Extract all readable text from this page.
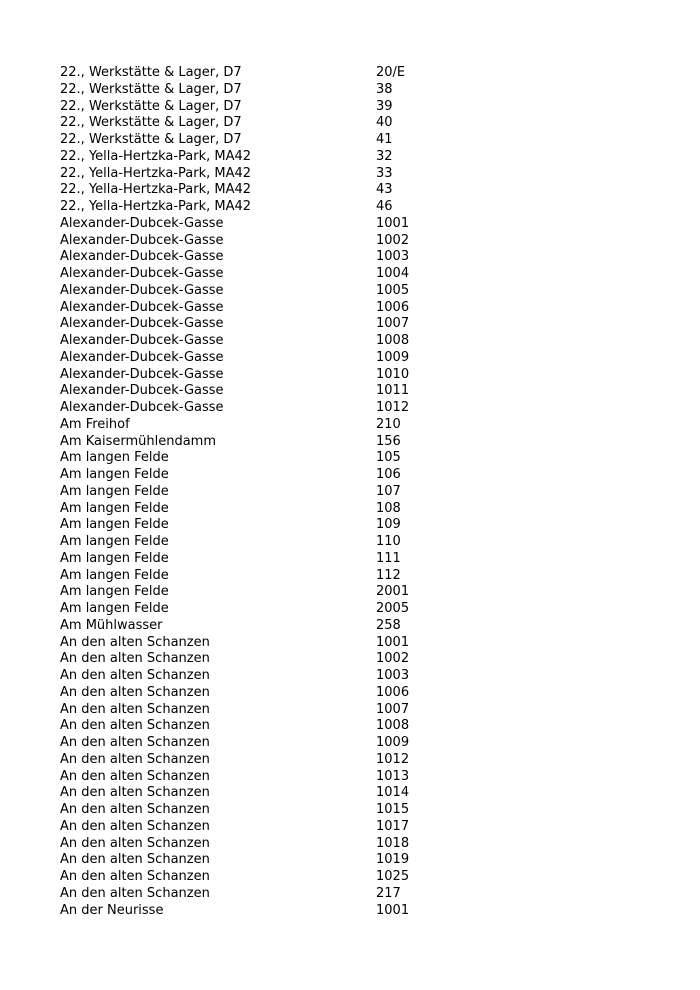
22., Werkstätte & Lager, D7	20/E
22., Werkstätte & Lager, D7	38
22., Werkstätte & Lager, D7	39
22., Werkstätte & Lager, D7	40
22., Werkstätte & Lager, D7	41
22., Yella-Hertzka-Park, MA42	32
22., Yella-Hertzka-Park, MA42	33
22., Yella-Hertzka-Park, MA42	43
22., Yella-Hertzka-Park, MA42	46
Alexander-Dubcek-Gasse	1001
Alexander-Dubcek-Gasse	1002
Alexander-Dubcek-Gasse	1003
Alexander-Dubcek-Gasse	1004
Alexander-Dubcek-Gasse	1005
Alexander-Dubcek-Gasse	1006
Alexander-Dubcek-Gasse	1007
Alexander-Dubcek-Gasse	1008
Alexander-Dubcek-Gasse	1009
Alexander-Dubcek-Gasse	1010
Alexander-Dubcek-Gasse	1011
Alexander-Dubcek-Gasse	1012
Am Freihof	210
Am Kaisermühlendamm	156
Am langen Felde	105
Am langen Felde	106
Am langen Felde	107
Am langen Felde	108
Am langen Felde	109
Am langen Felde	110
Am langen Felde	111
Am langen Felde	112
Am langen Felde	2001
Am langen Felde	2005
Am Mühlwasser	258
An den alten Schanzen	1001
An den alten Schanzen	1002
An den alten Schanzen	1003
An den alten Schanzen	1006
An den alten Schanzen	1007
An den alten Schanzen	1008
An den alten Schanzen	1009
An den alten Schanzen	1012
An den alten Schanzen	1013
An den alten Schanzen	1014
An den alten Schanzen	1015
An den alten Schanzen	1017
An den alten Schanzen	1018
An den alten Schanzen	1019
An den alten Schanzen	1025
An den alten Schanzen	217
An der Neurisse	1001
